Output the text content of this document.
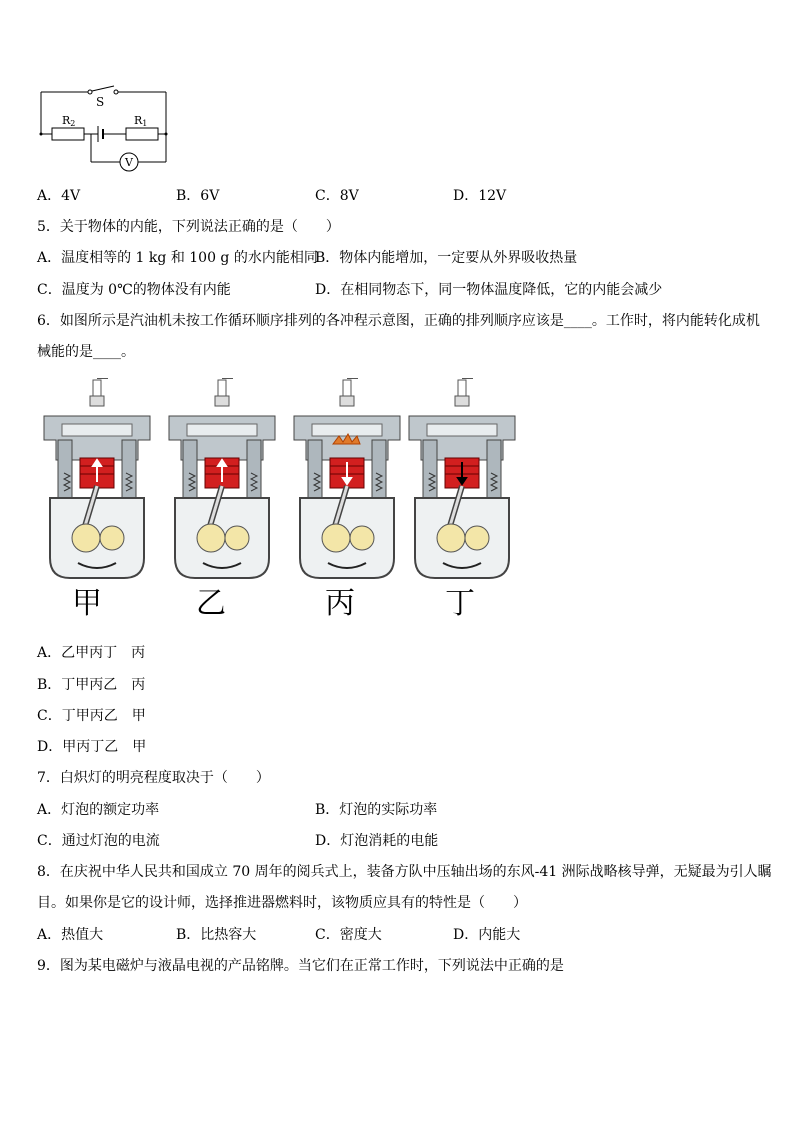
S
R2	R1
V
A．4V	B．6V	C．8V	D．12V
5．关于物体的内能，下列说法正确的是（　　）
A．温度相等的 1 kg 和 100 g 的水内能相同
B．物体内能增加，一定要从外界吸收热量
C．温度为 0℃的物体没有内能	D．在相同物态下，同一物体温度降低，它的内能会减少
6．如图所示是汽油机未按工作循环顺序排列的各冲程示意图，正确的排列顺序应该是____。工作时，将内能转化成机
械能的是____。
甲	乙	丙	丁
A．乙甲丙丁　丙
B．丁甲丙乙　丙
C．丁甲丙乙　甲
D．甲丙丁乙　甲
7．白炽灯的明亮程度取决于（　　）
A．灯泡的额定功率	B．灯泡的实际功率
C．通过灯泡的电流	D．灯泡消耗的电能
8．在庆祝中华人民共和国成立 70 周年的阅兵式上，装备方队中压轴出场的东风-41 洲际战略核导弹，无疑最为引人瞩
目。如果你是它的设计师，选择推进器燃料时，该物质应具有的特性是（　　）
A．热值大	B．比热容大	C．密度大	D．内能大
9．图为某电磁炉与液晶电视的产品铭牌。当它们在正常工作时，下列说法中正确的是
